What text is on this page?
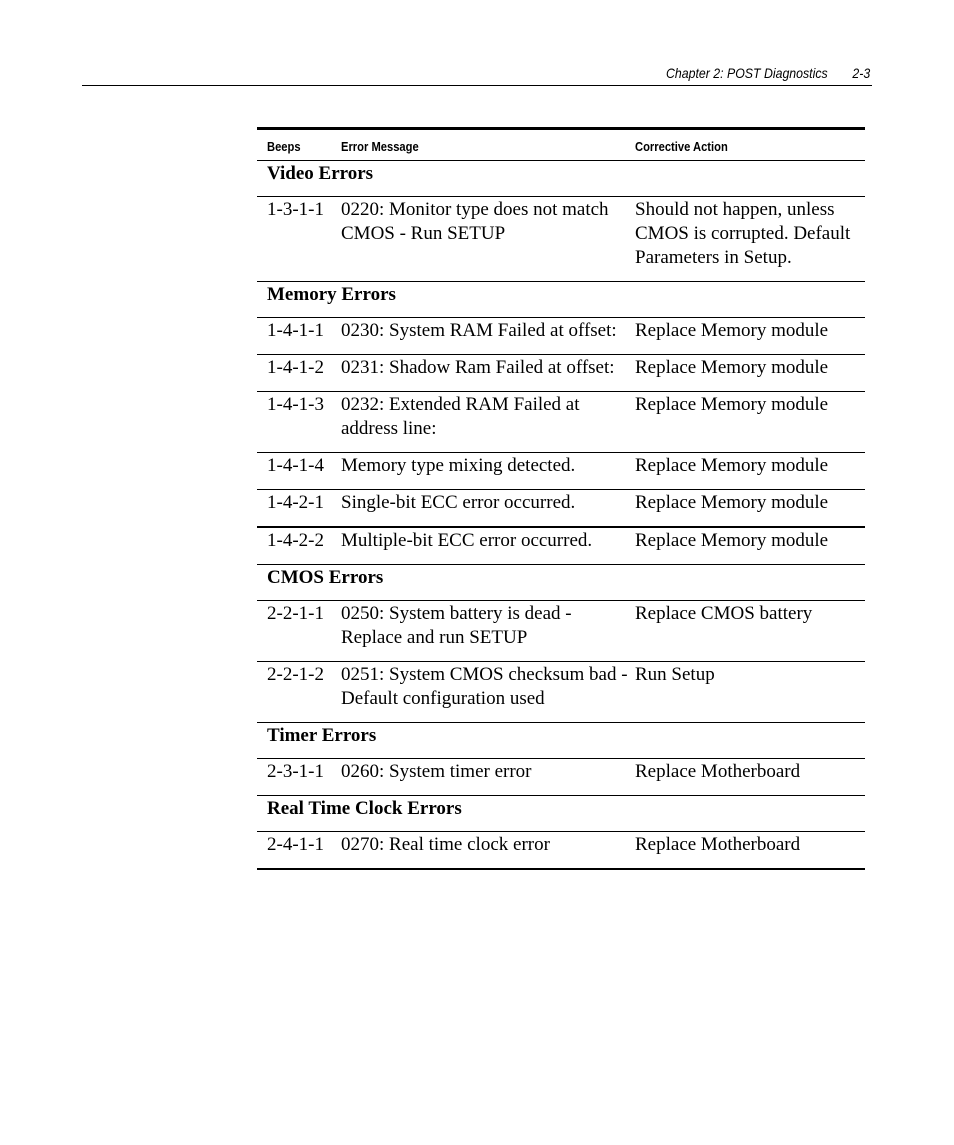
Chapter 2: POST Diagnostics 2-3
Beeps	Error Message	Corrective Action
Video Errors		
1-3-1-1	0220: Monitor type does not match CMOS - Run SETUP	Should not happen, unless CMOS is corrupted. Default Parameters in Setup.
Memory Errors		
1-4-1-1	0230: System RAM Failed at offset:	Replace Memory module
1-4-1-2	0231: Shadow Ram Failed at offset:	Replace Memory module
1-4-1-3	0232: Extended RAM Failed at address line:	Replace Memory module
1-4-1-4	Memory type mixing detected.	Replace Memory module
1-4-2-1	Single-bit ECC error occurred.	Replace Memory module
1-4-2-2	Multiple-bit ECC error occurred.	Replace Memory module
CMOS Errors		
2-2-1-1	0250: System battery is dead - Replace and run SETUP	Replace CMOS battery
2-2-1-2	0251: System CMOS checksum bad - Default configuration used	Run Setup
Timer Errors		
2-3-1-1	0260: System timer error	Replace Motherboard
Real Time Clock Errors		
2-4-1-1	0270: Real time clock error	Replace Motherboard
